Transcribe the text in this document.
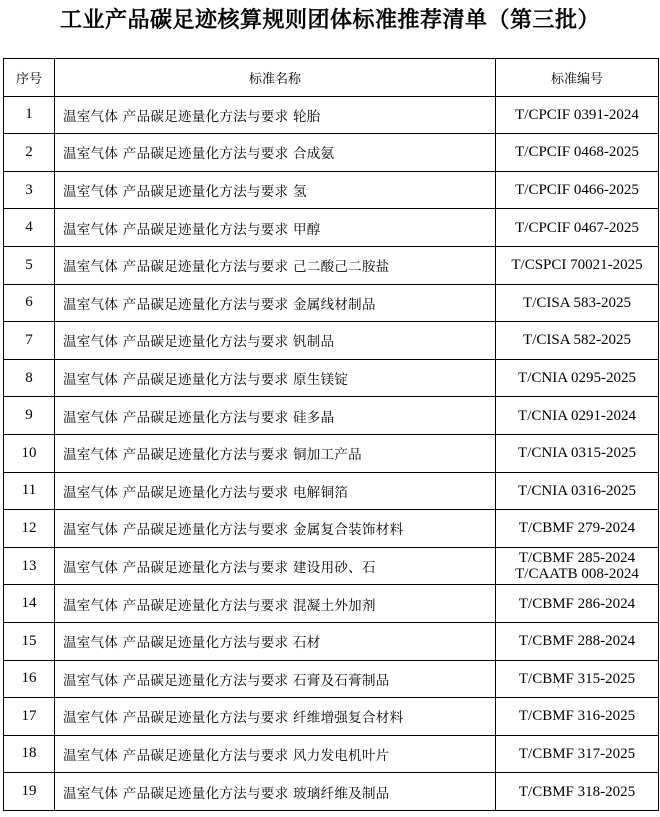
工业产品碳足迹核算规则团体标准推荐清单（第三批）
序号	标准名称	标准编号
1	温室气体 产品碳足迹量化方法与要求 轮胎	T/CPCIF 0391-2024

2	温室气体 产品碳足迹量化方法与要求 合成氨	T/CPCIF 0468-2025

3	温室气体 产品碳足迹量化方法与要求 氢	T/CPCIF 0466-2025

4	温室气体 产品碳足迹量化方法与要求 甲醇	T/CPCIF 0467-2025

5	温室气体 产品碳足迹量化方法与要求 己二酸己二胺盐	T/CSPCI 70021-2025

6	温室气体 产品碳足迹量化方法与要求 金属线材制品	T/CISA 583-2025

7	温室气体 产品碳足迹量化方法与要求 钒制品	T/CISA 582-2025

8	温室气体 产品碳足迹量化方法与要求 原生镁锭	T/CNIA 0295-2025

9	温室气体 产品碳足迹量化方法与要求 硅多晶	T/CNIA 0291-2024

10	温室气体 产品碳足迹量化方法与要求 铜加工产品	T/CNIA 0315-2025

11	温室气体 产品碳足迹量化方法与要求 电解铜箔	T/CNIA 0316-2025

12	温室气体 产品碳足迹量化方法与要求 金属复合装饰材料	T/CBMF 279-2024

13	温室气体 产品碳足迹量化方法与要求 建设用砂、石	T/CBMF 285-2024
T/CAATB 008-2024

14	温室气体 产品碳足迹量化方法与要求 混凝土外加剂	T/CBMF 286-2024

15	温室气体 产品碳足迹量化方法与要求 石材	T/CBMF 288-2024

16	温室气体 产品碳足迹量化方法与要求 石膏及石膏制品	T/CBMF 315-2025

17	温室气体 产品碳足迹量化方法与要求 纤维增强复合材料	T/CBMF 316-2025

18	温室气体 产品碳足迹量化方法与要求 风力发电机叶片	T/CBMF 317-2025

19	温室气体 产品碳足迹量化方法与要求 玻璃纤维及制品	T/CBMF 318-2025
